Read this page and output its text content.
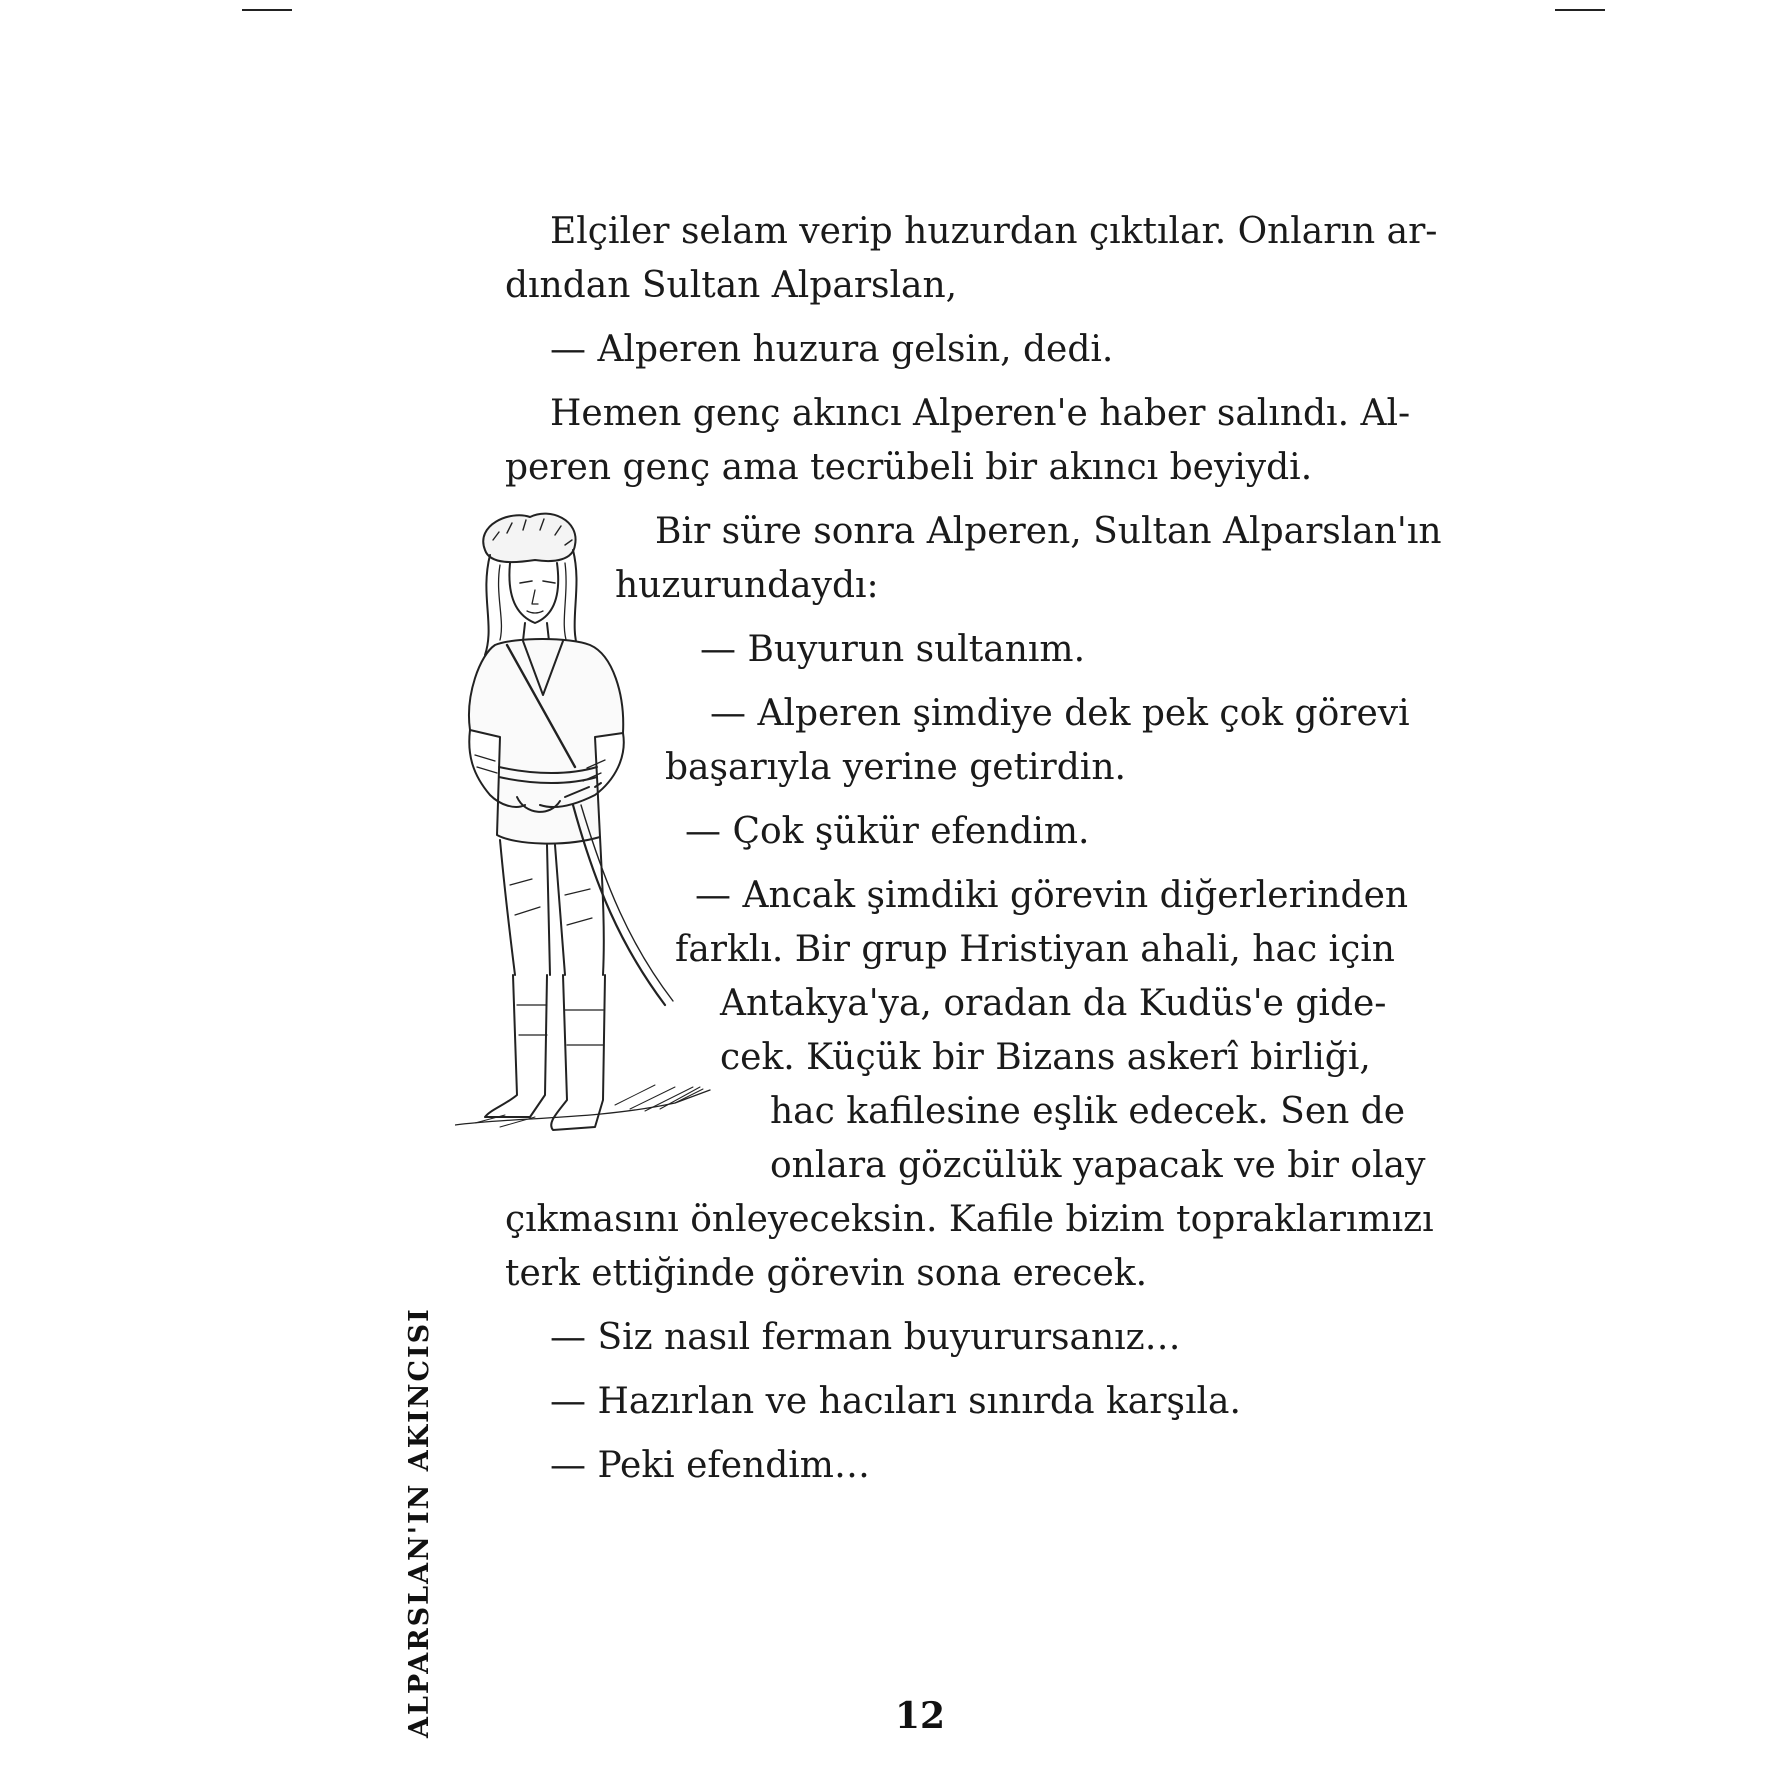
Elçiler selam verip huzurdan çıktılar. Onların ar-
dından Sultan Alparslan,
— Alperen huzura gelsin, dedi.
Hemen genç akıncı Alperen'e haber salındı. Al-
peren genç ama tecrübeli bir akıncı beyiydi.
Bir süre sonra Alperen, Sultan Alparslan'ın
huzurundaydı:
— Buyurun sultanım.
— Alperen şimdiye dek pek çok görevi
başarıyla yerine getirdin.
— Çok şükür efendim.
— Ancak şimdiki görevin diğerlerinden
farklı. Bir grup Hristiyan ahali, hac için
Antakya'ya, oradan da Kudüs'e gide-
cek. Küçük bir Bizans askerî birliği,
hac kafilesine eşlik edecek. Sen de
onlara gözcülük yapacak ve bir olay
çıkmasını önleyeceksin. Kafile bizim topraklarımızı
terk ettiğinde görevin sona erecek.
— Siz nasıl ferman buyurursanız…
— Hazırlan ve hacıları sınırda karşıla.
— Peki efendim…
ALPARSLAN'IN AKINCISI	12
